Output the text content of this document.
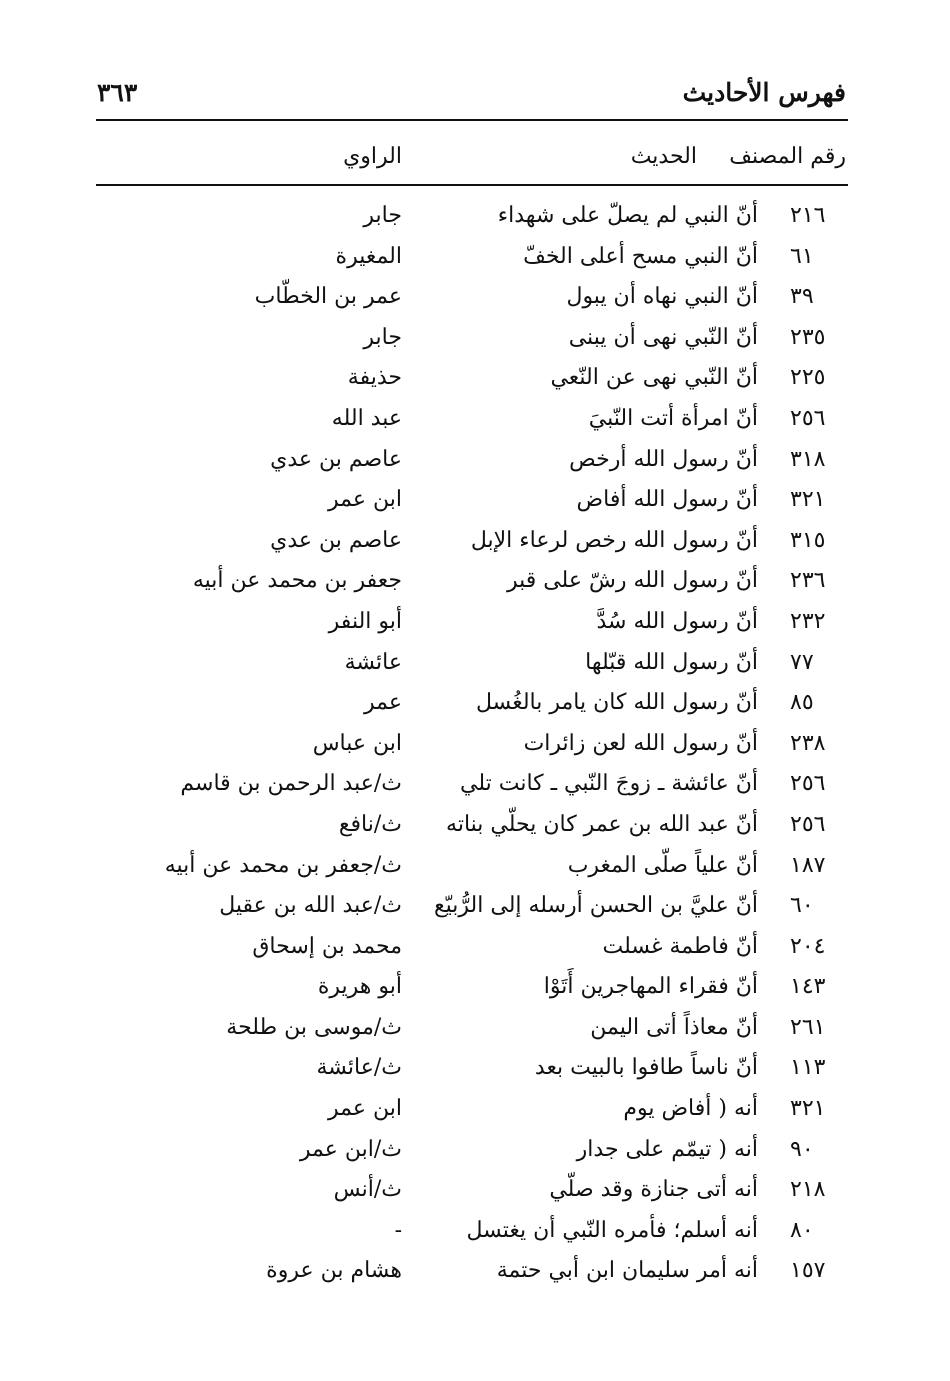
فهرس الأحاديث
٣٦٣
رقم المصنف
الحديث
الراوي
٢١٦
أنّ النبي لم يصلّ على شهداء
جابر
٦١
أنّ النبي مسح أعلى الخفّ
المغيرة
٣٩
أنّ النبي نهاه أن يبول
عمر بن الخطّاب
٢٣٥
أنّ النّبي نهى أن يبنى
جابر
٢٢٥
أنّ النّبي نهى عن النّعي
حذيفة
٢٥٦
أنّ امرأة أتت النّبيَ
عبد الله
٣١٨
أنّ رسول الله أرخص
عاصم بن عدي
٣٢١
أنّ رسول الله أفاض
ابن عمر
٣١٥
أنّ رسول الله رخص لرعاء الإبل
عاصم بن عدي
٢٣٦
أنّ رسول الله رشّ على قبر
جعفر بن محمد عن أبيه
٢٣٢
أنّ رسول الله سُدَّ
أبو النفر
٧٧
أنّ رسول الله قبّلها
عائشة
٨٥
أنّ رسول الله كان يامر بالغُسل
عمر
٢٣٨
أنّ رسول الله لعن زائرات
ابن عباس
٢٥٦
أنّ عائشة ـ زوجَ النّبي ـ كانت تلي
ث/عبد الرحمن بن قاسم
٢٥٦
أنّ عبد الله بن عمر كان يحلّي بناته
ث/نافع
١٨٧
أنّ علياً صلّى المغرب
ث/جعفر بن محمد عن أبيه
٦٠
أنّ عليَّ بن الحسن أرسله إلى الرُّبيّع
ث/عبد الله بن عقيل
٢٠٤
أنّ فاطمة غسلت
محمد بن إسحاق
١٤٣
أنّ فقراء المهاجرين أَتَوْا
أبو هريرة
٢٦١
أنّ معاذاً أتى اليمن
ث/موسى بن طلحة
١١٣
أنّ ناساً طافوا بالبيت بعد
ث/عائشة
٣٢١
أنه ( أفاض يوم
ابن عمر
٩٠
أنه ( تيمّم على جدار
ث/ابن عمر
٢١٨
أنه أتى جنازة وقد صلّي
ث/أنس
٨٠
أنه أسلم؛ فأمره النّبي أن يغتسل
-
١٥٧
أنه أمر سليمان ابن أبي حتمة
هشام بن عروة
